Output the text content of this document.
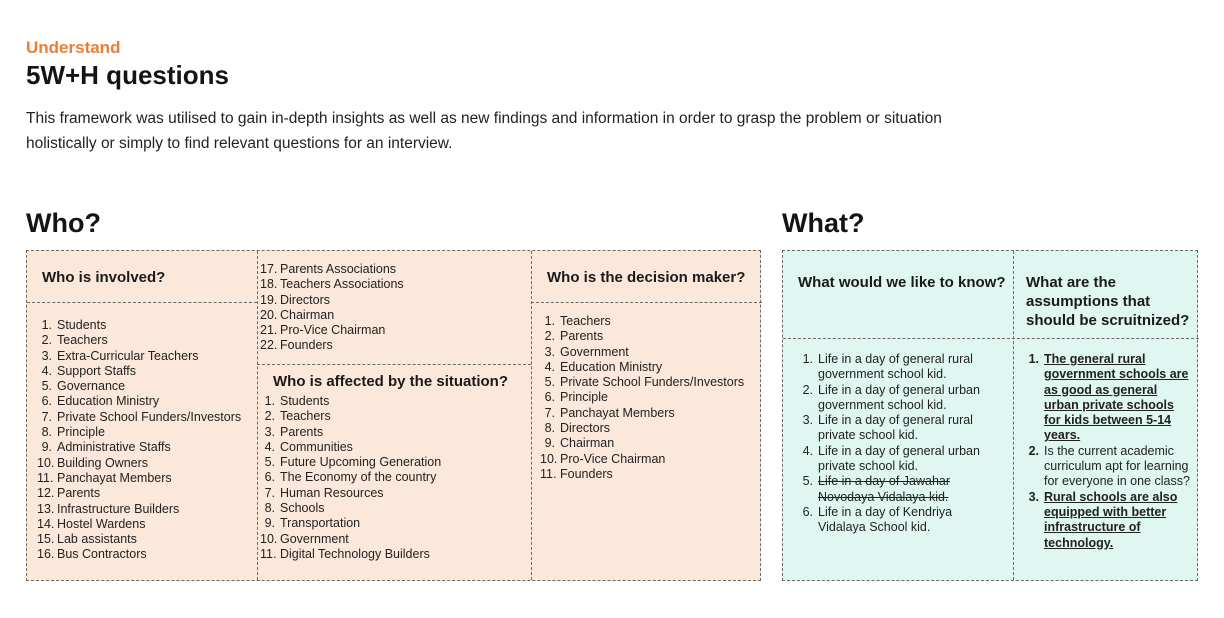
Understand
5W+H questions

This framework was utilised to gain in-depth insights as well as new findings and information in order to grasp the problem or situation holistically or simply to find relevant questions for an interview.

Who?	What?
Who is involved?
1. Students
2. Teachers
3. Extra-Curricular Teachers
4. Support Staffs
5. Governance
6. Education Ministry
7. Private School Funders/Investors
8. Principle
9. Administrative Staffs
10. Building Owners
11. Panchayat Members
12. Parents
13. Infrastructure Builders
14. Hostel Wardens
15. Lab assistants
16. Bus Contractors
17. Parents Associations
18. Teachers Associations
19. Directors
20. Chairman
21. Pro-Vice Chairman
22. Founders
Who is affected by the situation?
1. Students
2. Teachers
3. Parents
4. Communities
5. Future Upcoming Generation
6. The Economy of the country
7. Human Resources
8. Schools
9. Transportation
10. Government
11. Digital Technology Builders
Who is the decision maker?
1. Teachers
2. Parents
3. Government
4. Education Ministry
5. Private School Funders/Investors
6. Principle
7. Panchayat Members
8. Directors
9. Chairman
10. Pro-Vice Chairman
11. Founders
What would we like to know?
1. Life in a day of general rural government school kid.
2. Life in a day of general urban government school kid.
3. Life in a day of general rural private school kid.
4. Life in a day of general urban private school kid.
5. Life in a day of Jawahar Novodaya Vidalaya kid.
6. Life in a day of Kendriya Vidalaya School kid.
What are the assumptions that should be scruitnized?
1. The general rural government schools are as good as general urban private schools for kids between 5-14 years.
2. Is the current academic curriculum apt for learning for everyone in one class?
3. Rural schools are also equipped with better infrastructure of technology.
